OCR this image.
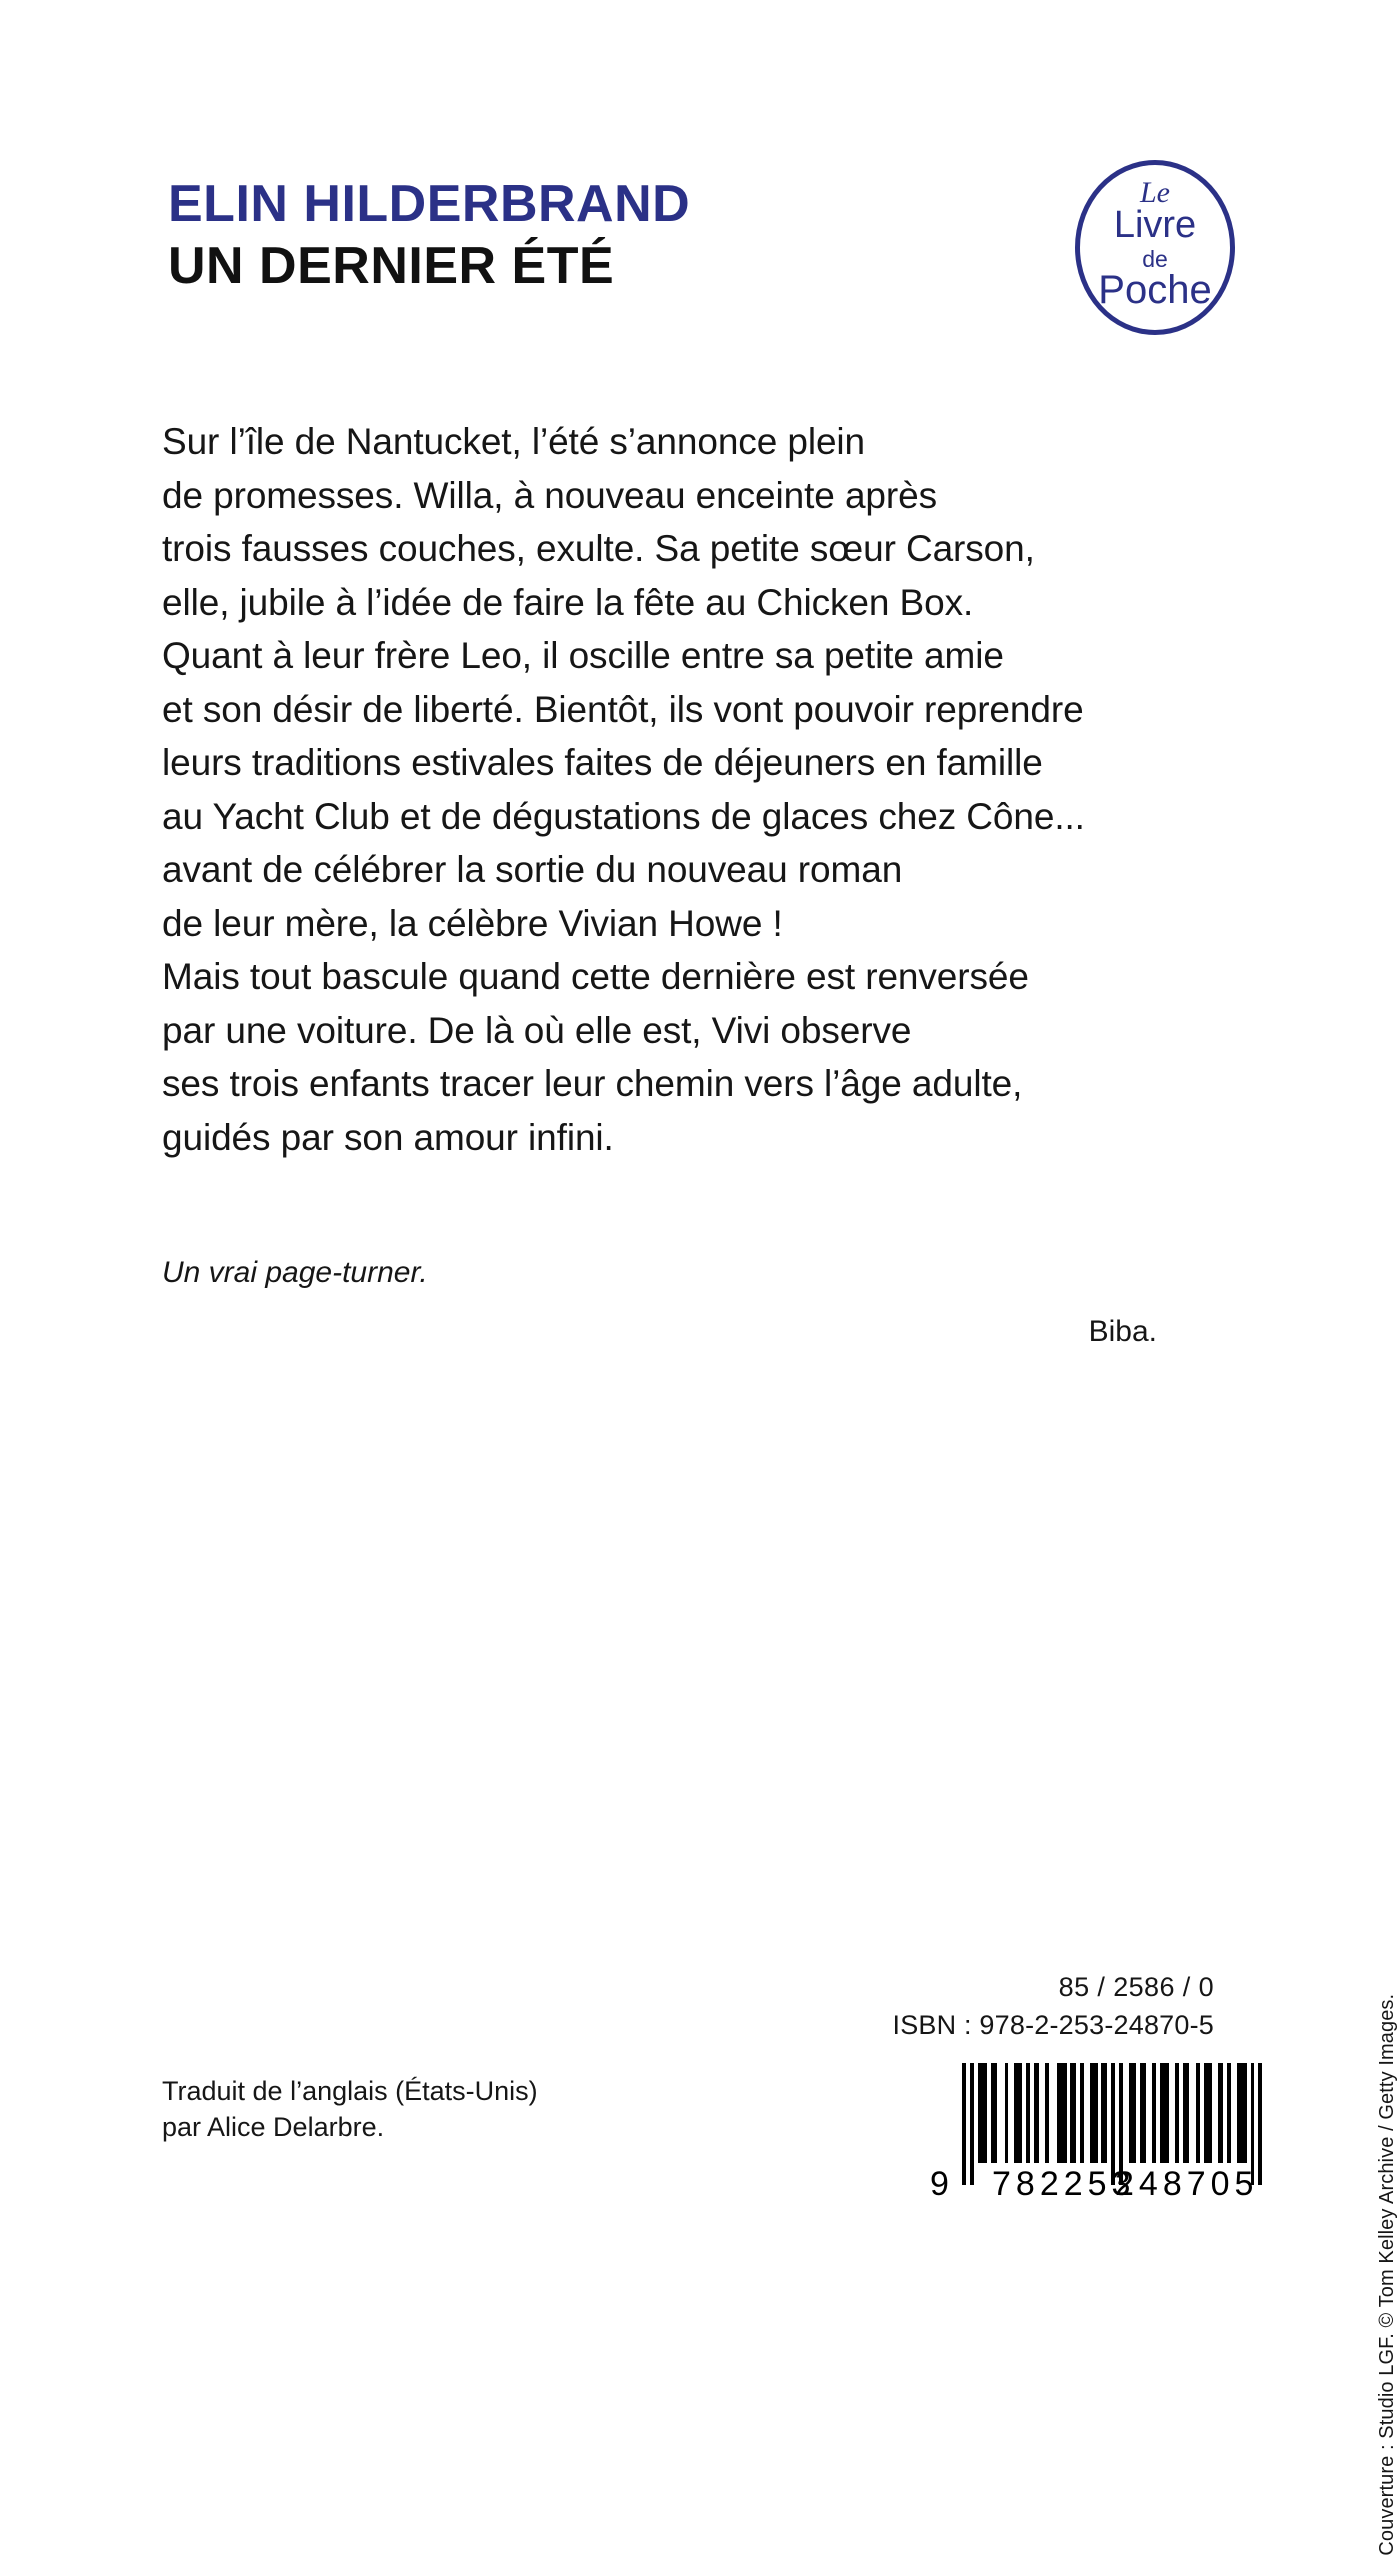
ELIN HILDERBRAND
UN DERNIER ÉTÉ
Le
Livre
de
Poche
Sur l’île de Nantucket, l’été s’annonce plein
de promesses. Willa, à nouveau enceinte après
trois fausses couches, exulte. Sa petite sœur Carson,
elle, jubile à l’idée de faire la fête au Chicken Box.
Quant à leur frère Leo, il oscille entre sa petite amie
et son désir de liberté. Bientôt, ils vont pouvoir reprendre
leurs traditions estivales faites de déjeuners en famille
au Yacht Club et de dégustations de glaces chez Cône...
avant de célébrer la sortie du nouveau roman
de leur mère, la célèbre Vivian Howe !
Mais tout bascule quand cette dernière est renversée
par une voiture. De là où elle est, Vivi observe
ses trois enfants tracer leur chemin vers l’âge adulte,
guidés par son amour infini.
Un vrai page-turner.
Biba.
Couverture : Studio LGF. © Tom Kelley Archive / Getty Images.
85 / 2586 / 0
ISBN : 978-2-253-24870-5
9 782253
248705
Traduit de l’anglais (États-Unis)
par Alice Delarbre.
